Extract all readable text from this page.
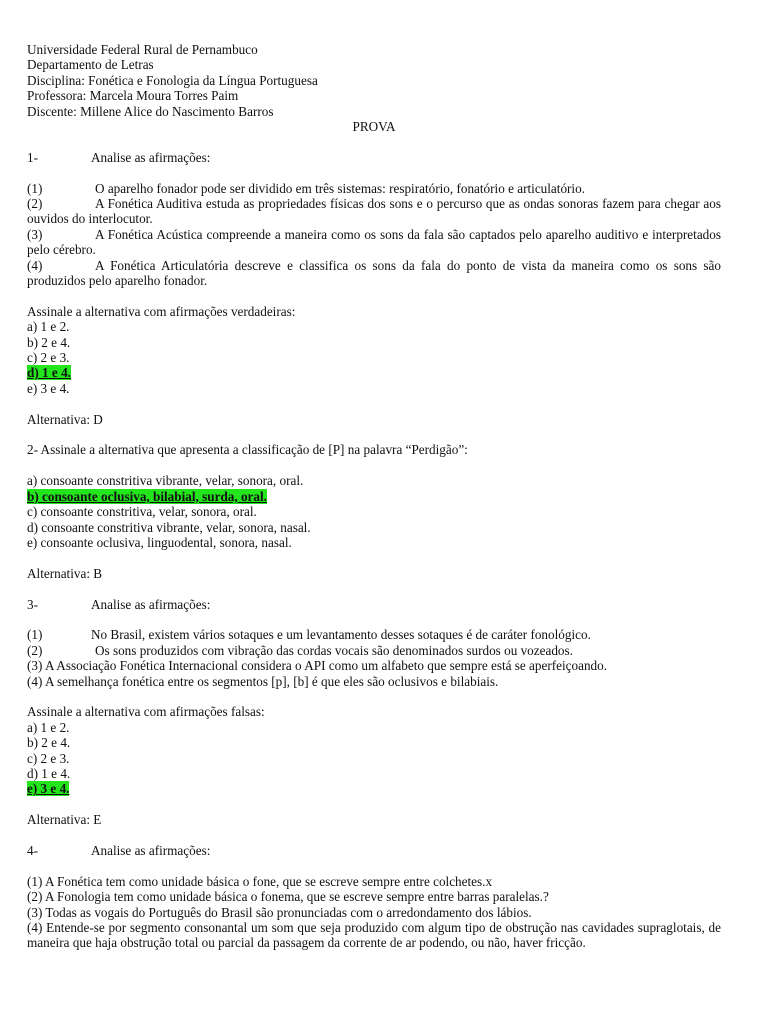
Universidade Federal Rural de Pernambuco
Departamento de Letras
Disciplina: Fonética e Fonologia da Língua Portuguesa
Professora: Marcela Moura Torres Paim
Discente: Millene Alice do Nascimento Barros
PROVA
1-	Analise as afirmações:
(1)	O aparelho fonador pode ser dividido em três sistemas: respiratório, fonatório e articulatório.
(2)	A Fonética Auditiva estuda as propriedades físicas dos sons e o percurso que as ondas sonoras fazem para chegar aos ouvidos do interlocutor.
(3)	A Fonética Acústica compreende a maneira como os sons da fala são captados pelo aparelho auditivo e interpretados pelo cérebro.
(4)	A Fonética Articulatória descreve e classifica os sons da fala do ponto de vista da maneira como os sons são produzidos pelo aparelho fonador.
Assinale a alternativa com afirmações verdadeiras:
a) 1 e 2.
b) 2 e 4.
c) 2 e 3.
d) 1 e 4.
e) 3 e 4.
Alternativa: D
2- Assinale a alternativa que apresenta a classificação de [P] na palavra “Perdigão”:
a) consoante constritiva vibrante, velar, sonora, oral.
b) consoante oclusiva, bilabial, surda, oral.
c) consoante constritiva, velar, sonora, oral.
d) consoante constritiva vibrante, velar, sonora, nasal.
e) consoante oclusiva, linguodental, sonora, nasal.
Alternativa: B
3-	Analise as afirmações:
(1)	No Brasil, existem vários sotaques e um levantamento desses sotaques é de caráter fonológico.
(2)	Os sons produzidos com vibração das cordas vocais são denominados surdos ou vozeados.
(3) A Associação Fonética Internacional considera o API como um alfabeto que sempre está se aperfeiçoando.
(4) A semelhança fonética entre os segmentos [p], [b] é que eles são oclusivos e bilabiais.
Assinale a alternativa com afirmações falsas:
a) 1 e 2.
b) 2 e 4.
c) 2 e 3.
d) 1 e 4.
e) 3 e 4.
Alternativa: E
4-	Analise as afirmações:
(1) A Fonética tem como unidade básica o fone, que se escreve sempre entre colchetes.x
(2) A Fonologia tem como unidade básica o fonema, que se escreve sempre entre barras paralelas.?
(3) Todas as vogais do Português do Brasil são pronunciadas com o arredondamento dos lábios.
(4) Entende-se por segmento consonantal um som que seja produzido com algum tipo de obstrução nas cavidades supraglotais, de maneira que haja obstrução total ou parcial da passagem da corrente de ar podendo, ou não, haver fricção.
